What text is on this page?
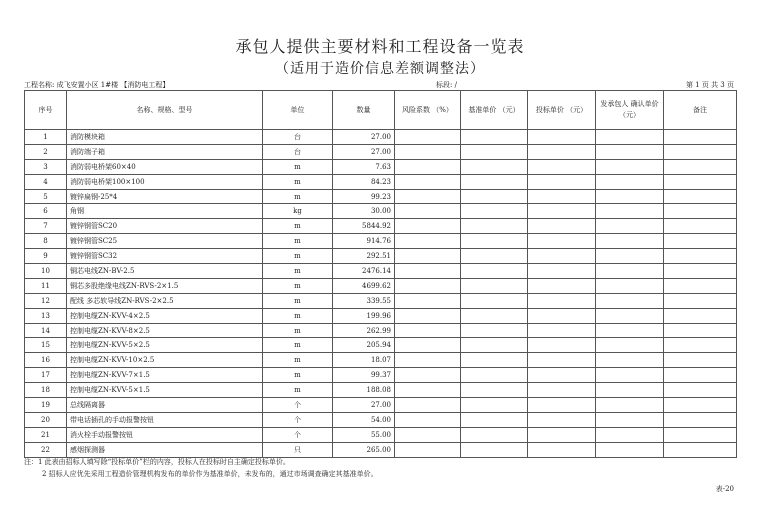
承包人提供主要材料和工程设备一览表
（适用于造价信息差额调整法）
工程名称: 成飞安置小区 1#楼 【消防电工程】	标段: /	第 1 页 共 3 页
序号	名称、规格、型号	单位	数量	风险系数 （%）	基准单价 （元）	投标单价 （元）	发承包人 确认单价 （元）	备注
1	消防模块箱	台	27.00					
2	消防端子箱	台	27.00					
3	消防弱电桥架60×40	m	7.63					
4	消防弱电桥架100×100	m	84.23					
5	镀锌扁钢-25*4	m	99.23					
6	角钢	kg	30.00					
7	镀锌钢管SC20	m	5844.92					
8	镀锌钢管SC25	m	914.76					
9	镀锌钢管SC32	m	292.51					
10	铜芯电线ZN-BV-2.5	m	2476.14					
11	铜芯多股绝缘电线ZN-RVS-2×1.5	m	4699.62					
12	配线 多芯软导线ZN-RVS-2×2.5	m	339.55					
13	控制电缆ZN-KVV-4×2.5	m	199.96					
14	控制电缆ZN-KVV-8×2.5	m	262.99					
15	控制电缆ZN-KVV-5×2.5	m	205.94					
16	控制电缆ZN-KVV-10×2.5	m	18.07					
17	控制电缆ZN-KVV-7×1.5	m	99.37					
18	控制电缆ZN-KVV-5×1.5	m	188.08					
19	总线隔离器	个	27.00					
20	带电话插孔的手动报警按钮	个	54.00					
21	消火栓手动报警按钮	个	55.00					
22	感烟探测器	只	265.00					
注：1 此表由招标人填写除“投标单价”栏的内容，投标人在投标时自主确定投标单价。
2 招标人应优先采用工程造价管理机构发布的单价作为基准单价，未发布的，通过市场调查确定其基准单价。
表-20
